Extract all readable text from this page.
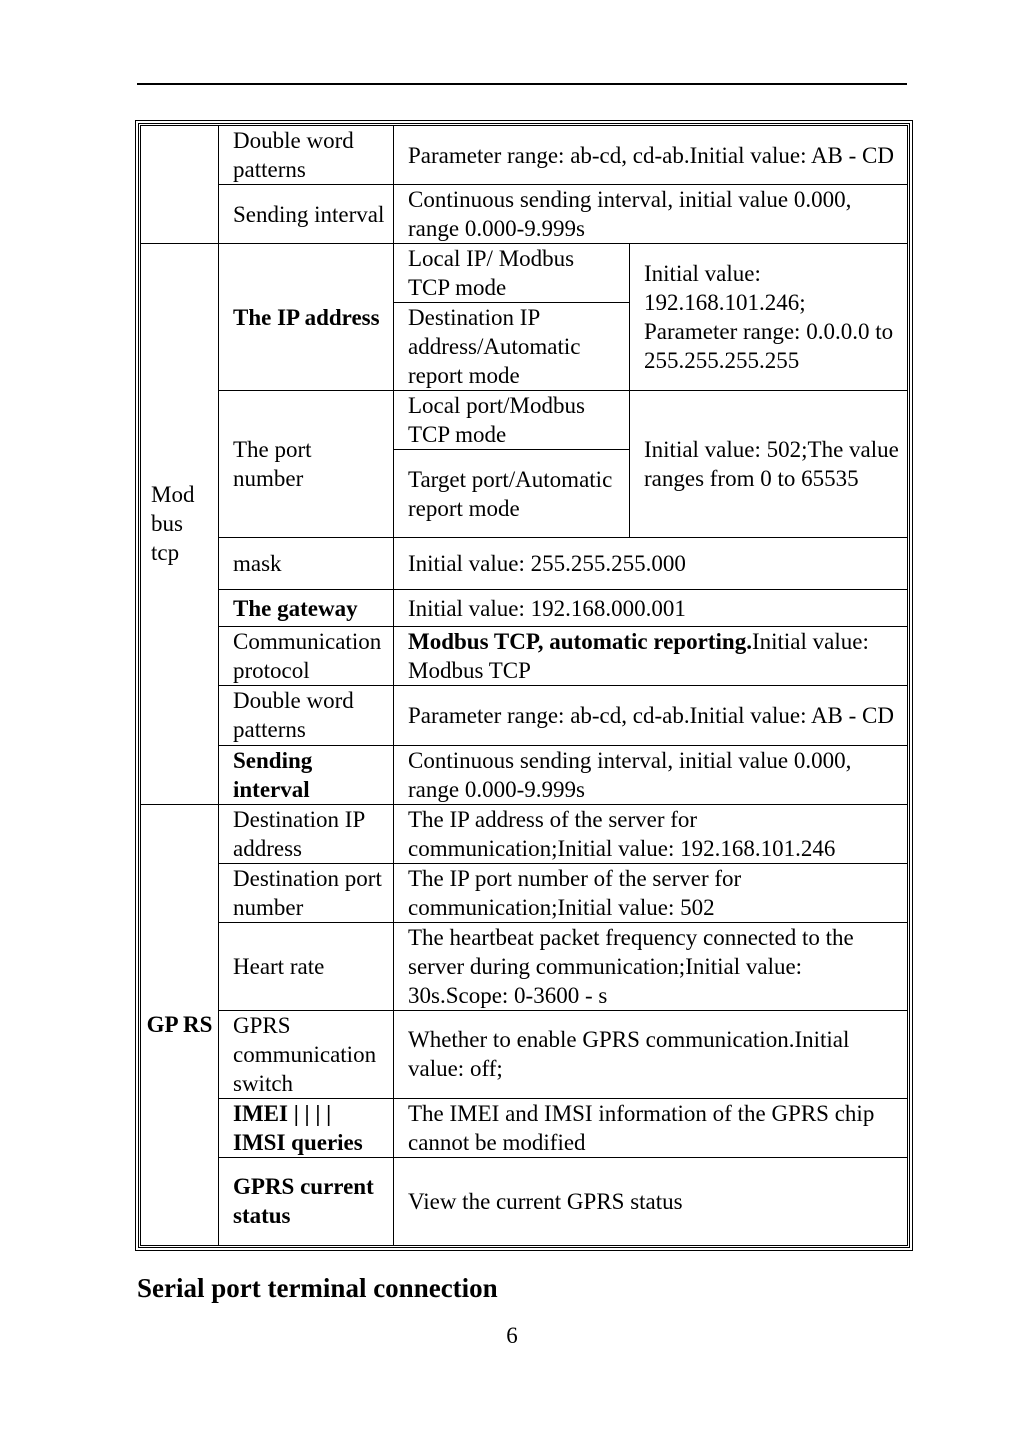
	Double word patterns	Parameter range: ab-cd, cd-ab.Initial value: AB - CD	
	Sending interval	Continuous sending interval, initial value 0.000, range 0.000-9.999s	
Mod bus tcp	The IP address	Local IP/ Modbus TCP mode	Initial value: 192.168.101.246; Parameter range: 0.0.0.0 to 255.255.255.255
		Destination IP address/Automatic report mode	
	The port number	Local port/Modbus TCP mode	Initial value: 502;The value ranges from 0 to 65535
		Target port/Automatic report mode	
	mask	Initial value: 255.255.255.000	
	The gateway	Initial value: 192.168.000.001	
	Communication protocol	Modbus TCP, automatic reporting.Initial value: Modbus TCP	
	Double word patterns	Parameter range: ab-cd, cd-ab.Initial value: AB - CD	
	Sending interval	Continuous sending interval, initial value 0.000, range 0.000-9.999s	
GP RS	Destination IP address	The IP address of the server for communication;Initial value: 192.168.101.246	
	Destination port number	The IP port number of the server for communication;Initial value: 502	
	Heart rate	The heartbeat packet frequency connected to the server during communication;Initial value: 30s.Scope: 0-3600 - s	
	GPRS communication switch	Whether to enable GPRS communication.Initial value: off;	
	IMEI | | | | IMSI queries	The IMEI and IMSI information of the GPRS chip cannot be modified	
	GPRS current status	View the current GPRS status	
Serial port terminal connection
6
